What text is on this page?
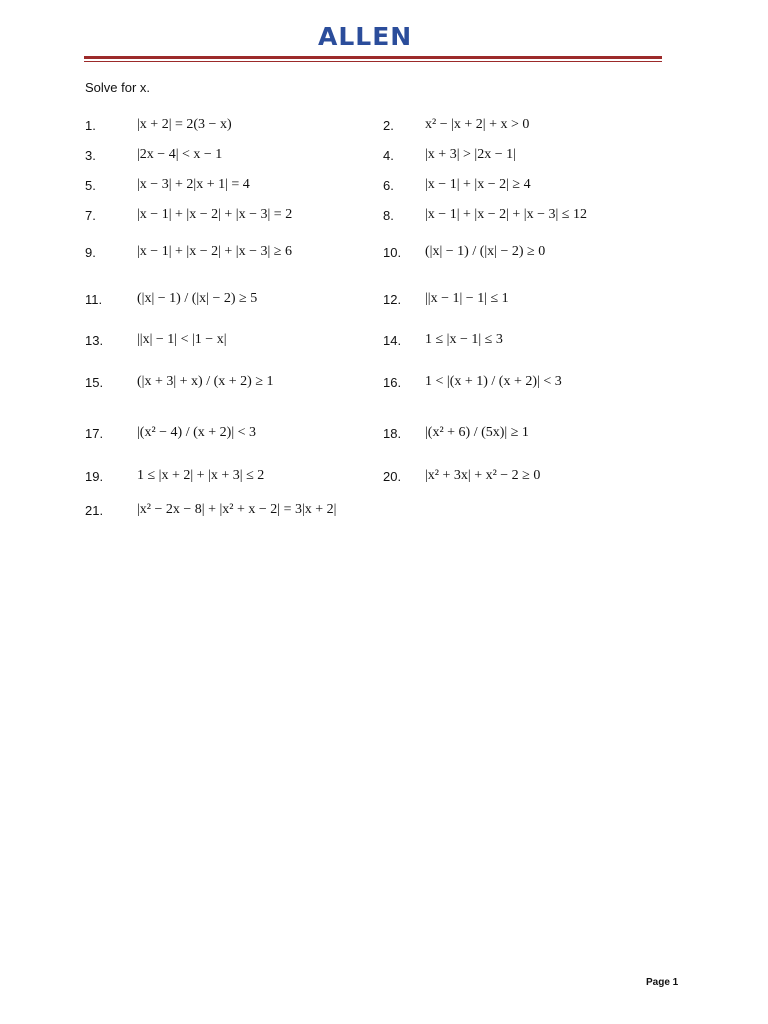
ALLEN
Solve for x.
1.	|x + 2| = 2(3 − x)	2. x² − |x + 2| + x > 0
3.	|2x − 4| < x − 1	4. |x + 3| > |2x − 1|
5.	|x − 3| + 2|x + 1| = 4	6. |x − 1| + |x − 2| ≥ 4
7.	|x − 1| + |x − 2| + |x − 3| = 2	8. |x − 1| + |x − 2| + |x − 3| ≤ 12
9.	|x − 1| + |x − 2| + |x − 3| ≥ 6	10. (|x| − 1) / (|x| − 2) ≥ 0
11. (|x| − 1) / (|x| − 2) ≥ 5	12. ||x − 1| − 1| ≤ 1
13. ||x| − 1| < |1 − x|	14. 1 ≤ |x − 1| ≤ 3
15. (|x + 3| + x) / (x + 2) ≥ 1	16. 1 < |(x + 1) / (x + 2)| < 3
17. |(x² − 4) / (x + 2)| < 3	18. |(x² + 6) / (5x)| ≥ 1
19. 1 ≤ |x + 2| + |x + 3| ≤ 2	20. |x² + 3x| + x² − 2 ≥ 0
21. |x² − 2x − 8| + |x² + x − 2| = 3|x + 2|
Page 1
